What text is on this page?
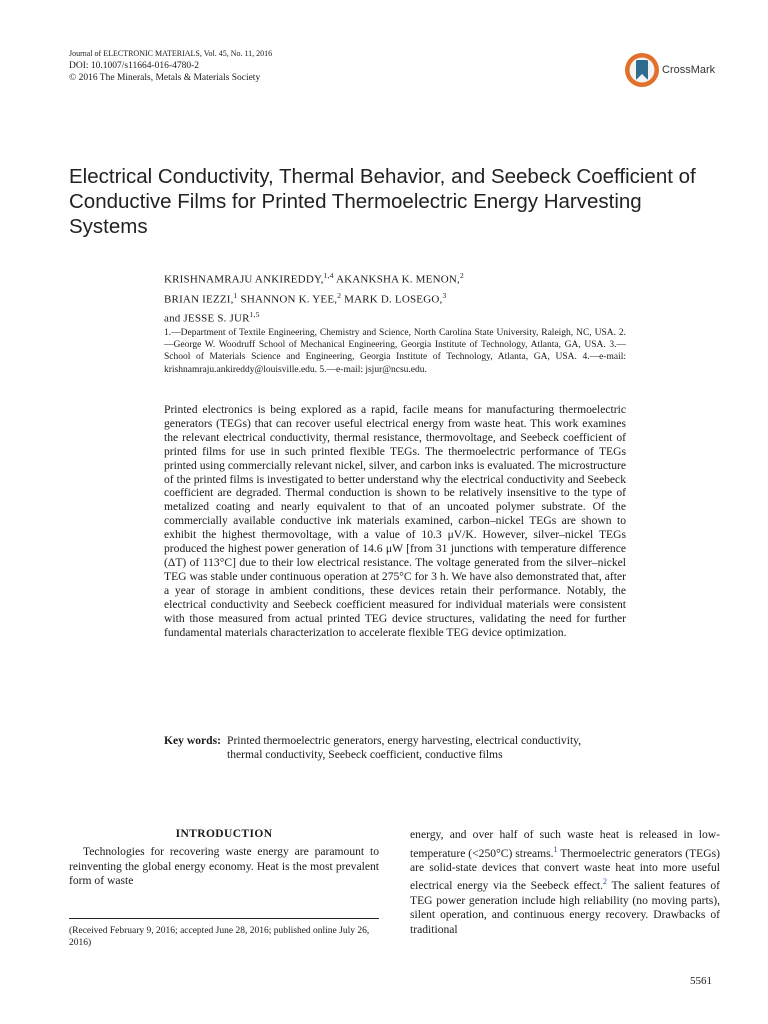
Journal of ELECTRONIC MATERIALS, Vol. 45, No. 11, 2016
DOI: 10.1007/s11664-016-4780-2
© 2016 The Minerals, Metals & Materials Society
CrossMark
Electrical Conductivity, Thermal Behavior, and Seebeck Coefficient of Conductive Films for Printed Thermoelectric Energy Harvesting Systems
KRISHNAMRAJU ANKIREDDY,$^{1,4}$ AKANKSHA K. MENON,$^2$
BRIAN IEZZI,$^1$ SHANNON K. YEE,$^2$ MARK D. LOSEGO,$^3$
and JESSE S. JUR$^{1,5}$
1.—Department of Textile Engineering, Chemistry and Science, North Carolina State University, Raleigh, NC, USA. 2.—George W. Woodruff School of Mechanical Engineering, Georgia Institute of Technology, Atlanta, GA, USA. 3.—School of Materials Science and Engineering, Georgia Institute of Technology, Atlanta, GA, USA. 4.—e-mail: krishnamraju.ankireddy@louisville.edu. 5.—e-mail: jsjur@ncsu.edu.
Printed electronics is being explored as a rapid, facile means for manufacturing thermoelectric generators (TEGs) that can recover useful electrical energy from waste heat. This work examines the relevant electrical conductivity, thermal resistance, thermovoltage, and Seebeck coefficient of printed films for use in such printed flexible TEGs. The thermoelectric performance of TEGs printed using commercially relevant nickel, silver, and carbon inks is evaluated. The microstructure of the printed films is investigated to better understand why the electrical conductivity and Seebeck coefficient are degraded. Thermal conduction is shown to be relatively insensitive to the type of metalized coating and nearly equivalent to that of an uncoated polymer substrate. Of the commercially available conductive ink materials examined, carbon–nickel TEGs are shown to exhibit the highest thermovoltage, with a value of 10.3 μV/K. However, silver–nickel TEGs produced the highest power generation of 14.6 μW [from 31 junctions with temperature difference (ΔT) of 113°C] due to their low electrical resistance. The voltage generated from the silver–nickel TEG was stable under continuous operation at 275°C for 3 h. We have also demonstrated that, after a year of storage in ambient conditions, these devices retain their performance. Notably, the electrical conductivity and Seebeck coefficient measured for individual materials were consistent with those measured from actual printed TEG device structures, validating the need for further fundamental materials characterization to accelerate flexible TEG device optimization.
Key words: Printed thermoelectric generators, energy harvesting, electrical conductivity, thermal conductivity, Seebeck coefficient, conductive films
INTRODUCTION

Technologies for recovering waste energy are paramount to reinventing the global energy economy. Heat is the most prevalent form of waste

(Received February 9, 2016; accepted June 28, 2016; published online July 26, 2016)
energy, and over half of such waste heat is released in low-temperature (<250°C) streams.$^1$ Thermoelectric generators (TEGs) are solid-state devices that convert waste heat into more useful electrical energy via the Seebeck effect.$^2$ The salient features of TEG power generation include high reliability (no moving parts), silent operation, and continuous energy recovery. Drawbacks of traditional
5561
